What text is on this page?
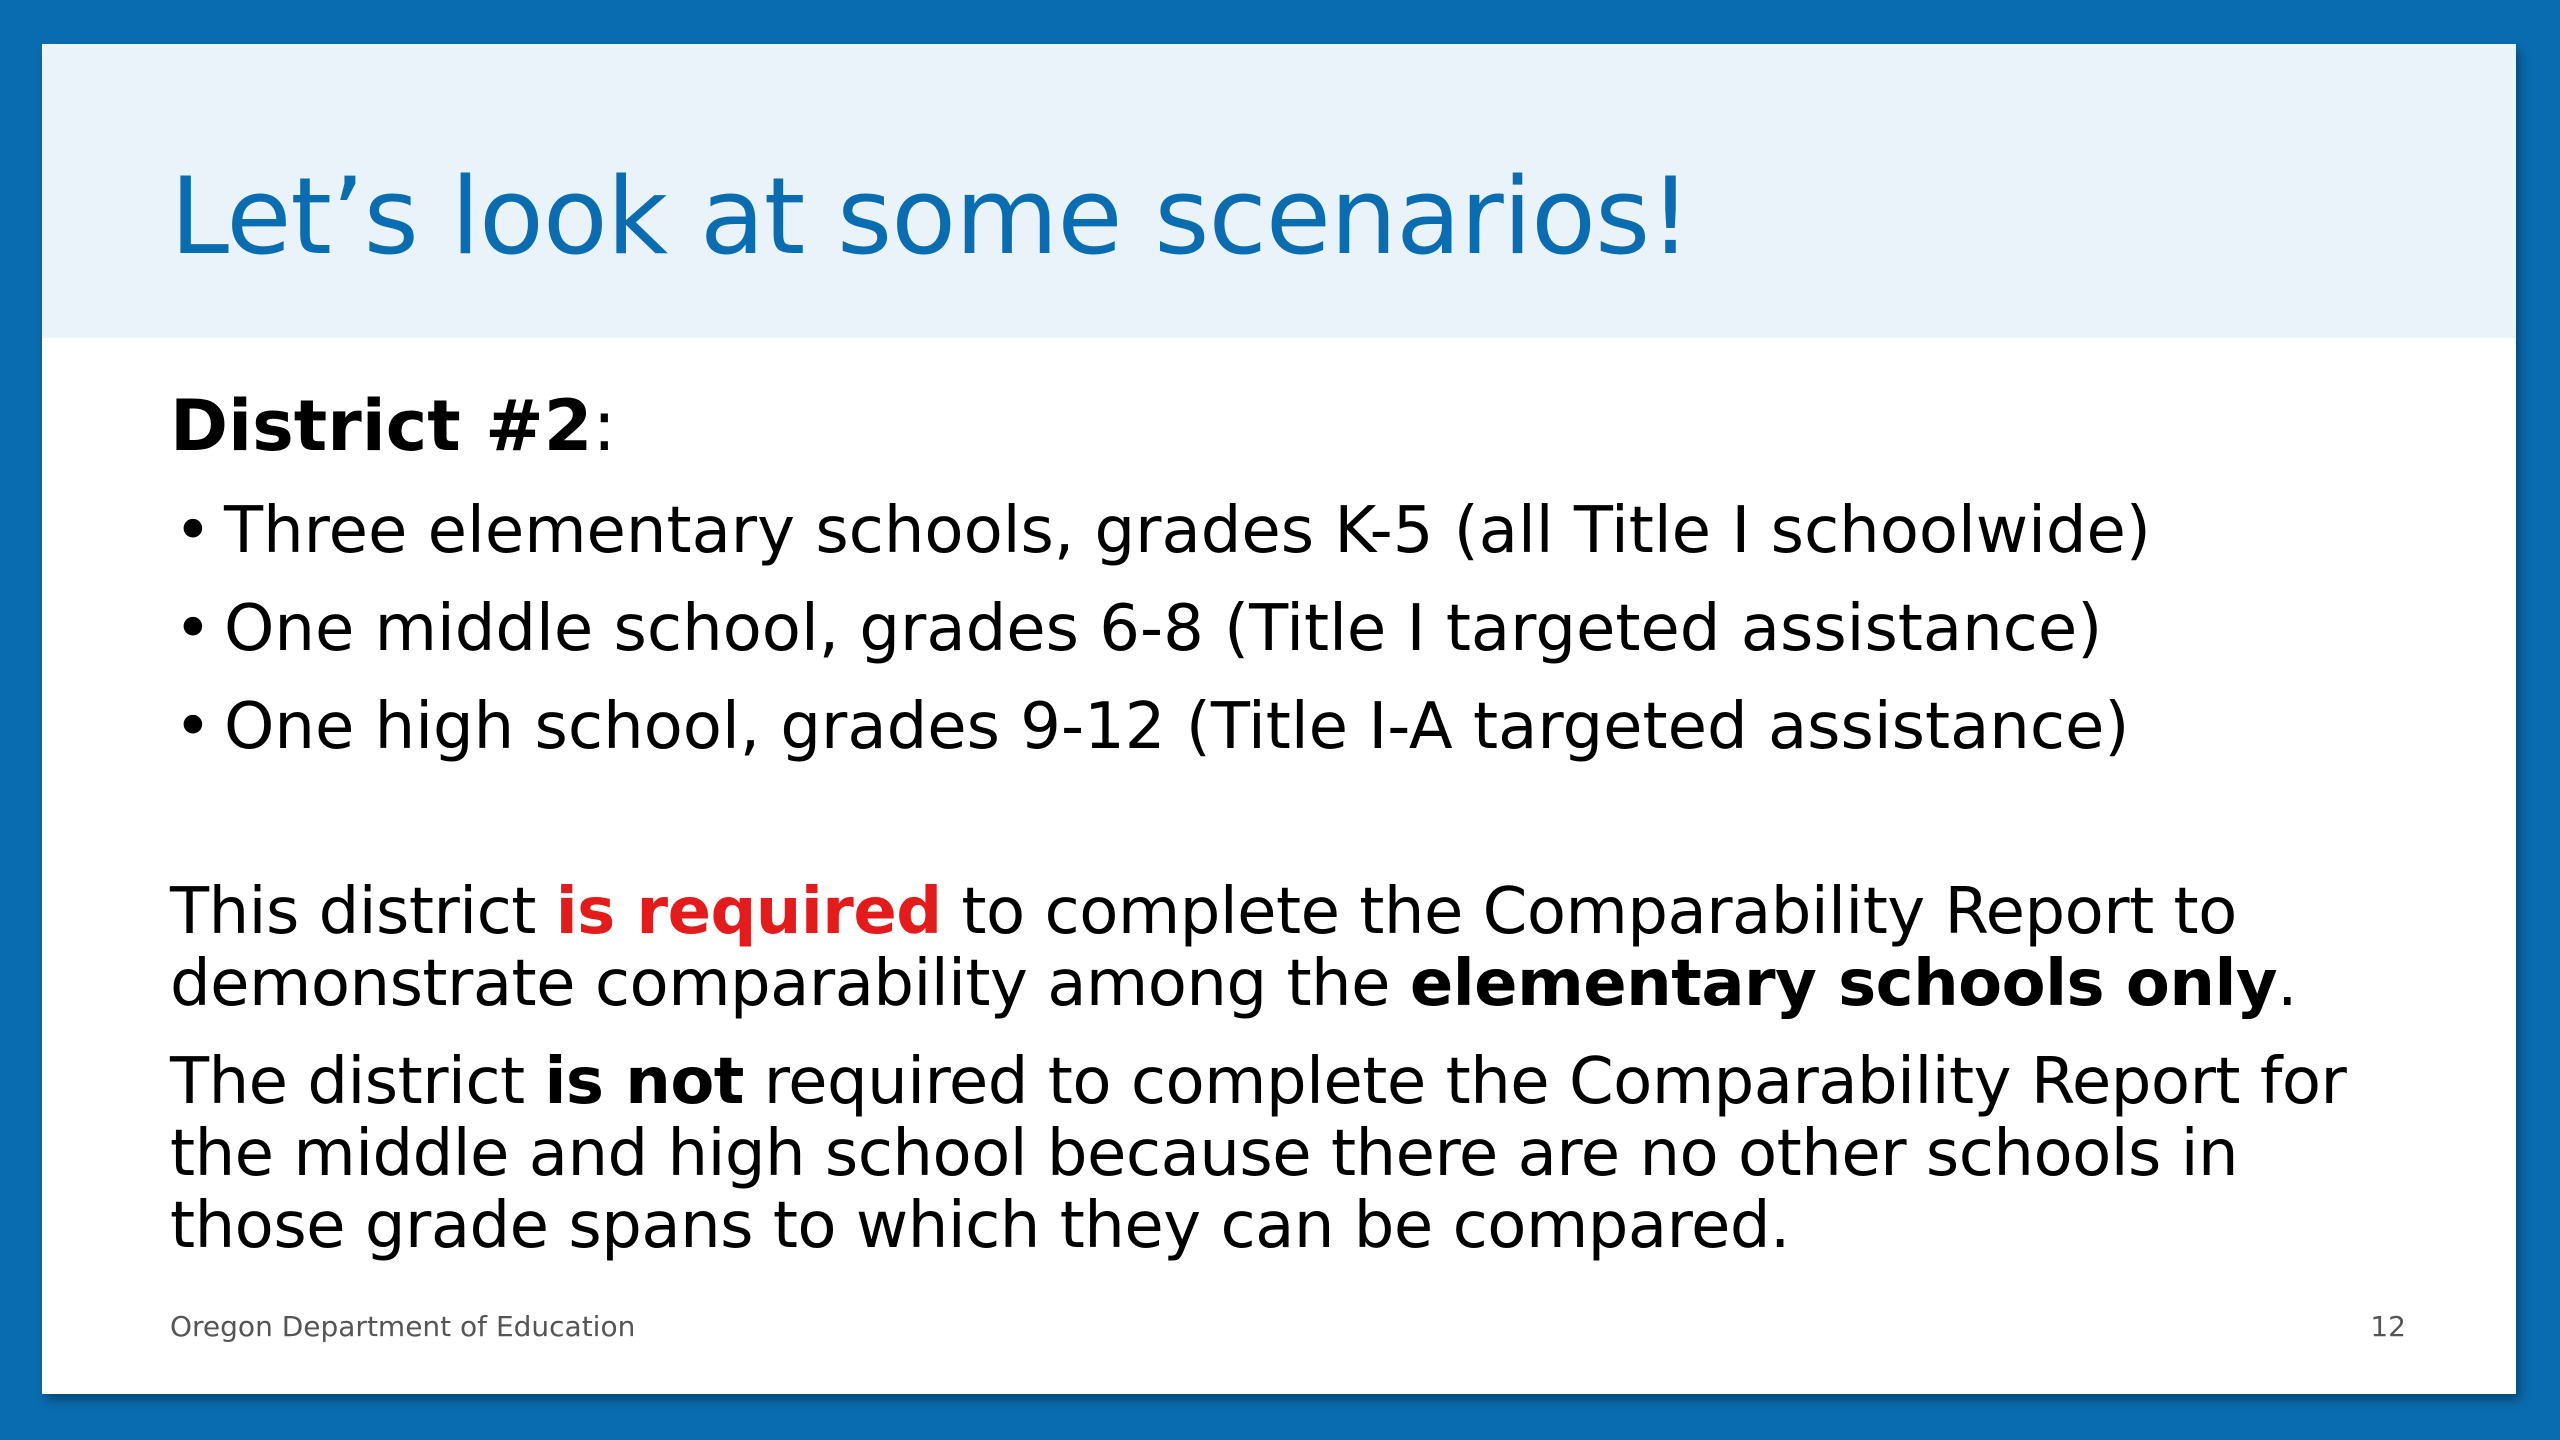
Let’s look at some scenarios!

District #2:

• Three elementary schools, grades K-5 (all Title I schoolwide)
• One middle school, grades 6-8 (Title I targeted assistance)
• One high school, grades 9-12 (Title I-A targeted assistance)

This district is required to complete the Comparability Report to demonstrate comparability among the elementary schools only.

The district is not required to complete the Comparability Report for the middle and high school because there are no other schools in those grade spans to which they can be compared.

Oregon Department of Education	12
